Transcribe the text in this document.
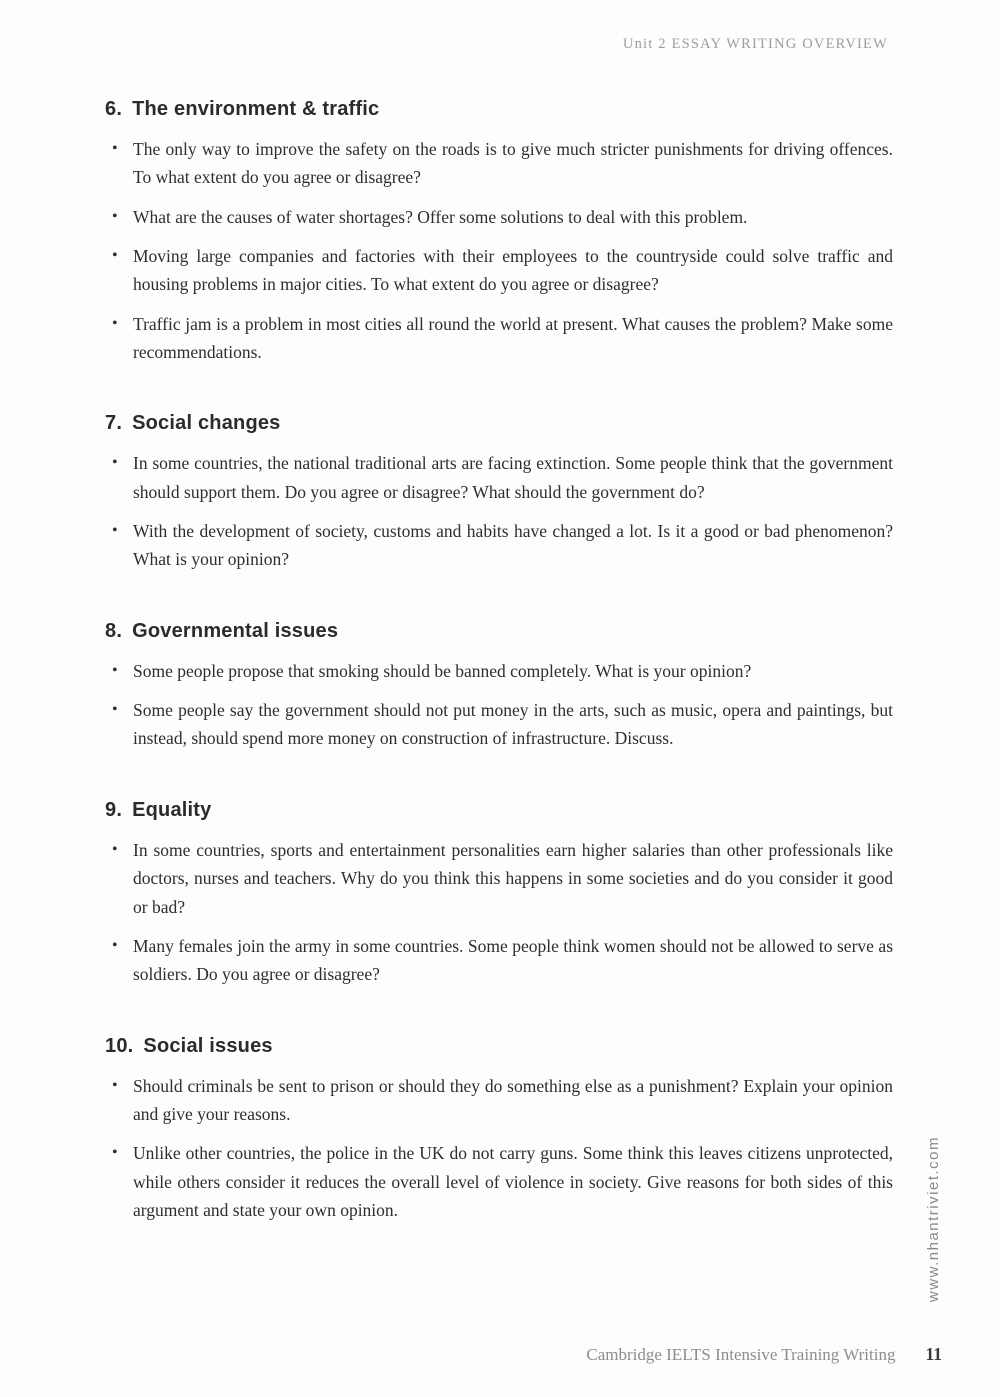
Unit 2 ESSAY WRITING OVERVIEW
6. The environment & traffic
• The only way to improve the safety on the roads is to give much stricter punishments for driving offences. To what extent do you agree or disagree?
• What are the causes of water shortages? Offer some solutions to deal with this problem.
• Moving large companies and factories with their employees to the countryside could solve traffic and housing problems in major cities. To what extent do you agree or disagree?
• Traffic jam is a problem in most cities all round the world at present. What causes the problem? Make some recommendations.
7. Social changes
• In some countries, the national traditional arts are facing extinction. Some people think that the government should support them. Do you agree or disagree? What should the government do?
• With the development of society, customs and habits have changed a lot. Is it a good or bad phenomenon? What is your opinion?
8. Governmental issues
• Some people propose that smoking should be banned completely. What is your opinion?
• Some people say the government should not put money in the arts, such as music, opera and paintings, but instead, should spend more money on construction of infrastructure. Discuss.
9. Equality
• In some countries, sports and entertainment personalities earn higher salaries than other professionals like doctors, nurses and teachers. Why do you think this happens in some societies and do you consider it good or bad?
• Many females join the army in some countries. Some people think women should not be allowed to serve as soldiers. Do you agree or disagree?
10. Social issues
• Should criminals be sent to prison or should they do something else as a punishment? Explain your opinion and give your reasons.
• Unlike other countries, the police in the UK do not carry guns. Some think this leaves citizens unprotected, while others consider it reduces the overall level of violence in society. Give reasons for both sides of this argument and state your own opinion.	www.nhantriviet.com
Cambridge IELTS Intensive Training Writing 11
